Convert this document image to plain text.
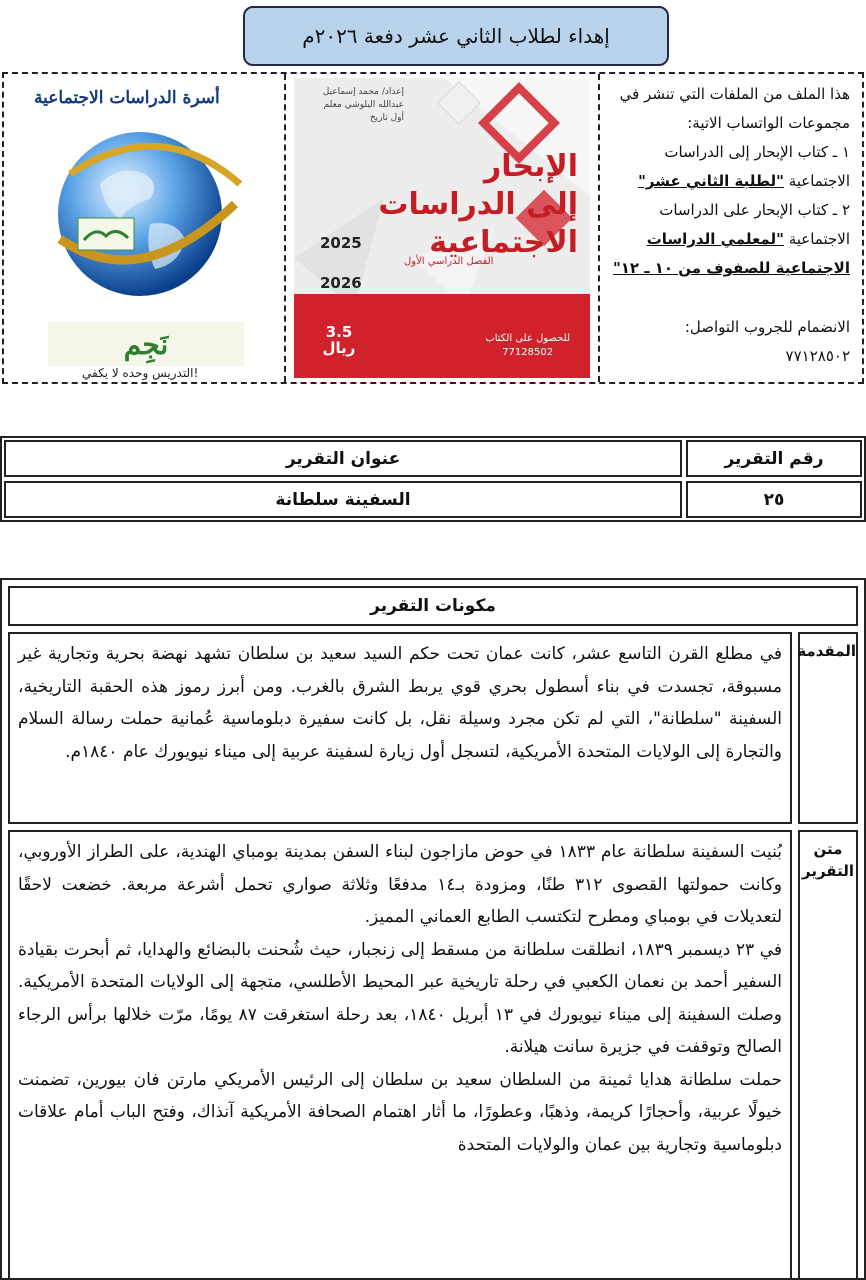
إهداء لطلاب الثاني عشر دفعة ٢٠٢٦م
أسرة الدراسات الاجتماعية
نَجِم
التدريس وحده لا يكفي!
إعداد/ محمد إسماعيل عبدالله البلوشي معلم أول تاريخ
الإبحار
إلى الدراسات
الاجتماعية
2025
الفصل الدراسي الأول
2026
3.5 ريال
للحصول على الكتاب
77128502

هذا الملف من الملفات التي تنشر في مجموعات الواتساب الاتية:

١ ـ كتاب الإبحار إلى الدراسات الاجتماعية "لطلبة الثاني عشر"

٢ ـ كتاب الإبحار على الدراسات الاجتماعية "لمعلمي الدراسات الاجتماعية للصفوف من ١٠ ـ ١٢"

الانضمام للجروب التواصل:

٧٧١٢٨٥٠٢

رقم التقرير
عنوان التقرير
٢٥
السفينة سلطانة
مكونات التقرير
المقدمة

في مطلع القرن التاسع عشر، كانت عمان تحت حكم السيد سعيد بن سلطان تشهد نهضة بحرية وتجارية غير مسبوقة، تجسدت في بناء أسطول بحري قوي يربط الشرق بالغرب. ومن أبرز رموز هذه الحقبة التاريخية، السفينة "سلطانة"، التي لم تكن مجرد وسيلة نقل، بل كانت سفيرة دبلوماسية عُمانية حملت رسالة السلام والتجارة إلى الولايات المتحدة الأمريكية، لتسجل أول زيارة لسفينة عربية إلى ميناء نيويورك عام ١٨٤٠م.

متن التقرير

بُنيت السفينة سلطانة عام ١٨٣٣ في حوض مازاجون لبناء السفن بمدينة بومباي الهندية، على الطراز الأوروبي، وكانت حمولتها القصوى ٣١٢ طنًا، ومزودة بـ١٤ مدفعًا وثلاثة صواري تحمل أشرعة مربعة. خضعت لاحقًا لتعديلات في بومباي ومطرح لتكتسب الطابع العماني المميز.

في ٢٣ ديسمبر ١٨٣٩، انطلقت سلطانة من مسقط إلى زنجبار، حيث شُحنت بالبضائع والهدايا، ثم أبحرت بقيادة السفير أحمد بن نعمان الكعبي في رحلة تاريخية عبر المحيط الأطلسي، متجهة إلى الولايات المتحدة الأمريكية. وصلت السفينة إلى ميناء نيويورك في ١٣ أبريل ١٨٤٠، بعد رحلة استغرقت ٨٧ يومًا، مرّت خلالها برأس الرجاء الصالح وتوقفت في جزيرة سانت هيلانة.

حملت سلطانة هدايا ثمينة من السلطان سعيد بن سلطان إلى الرئيس الأمريكي مارتن فان بيورين، تضمنت خيولًا عربية، وأحجارًا كريمة، وذهبًا، وعطورًا، ما أثار اهتمام الصحافة الأمريكية آنذاك، وفتح الباب أمام علاقات دبلوماسية وتجارية بين عمان والولايات المتحدة
